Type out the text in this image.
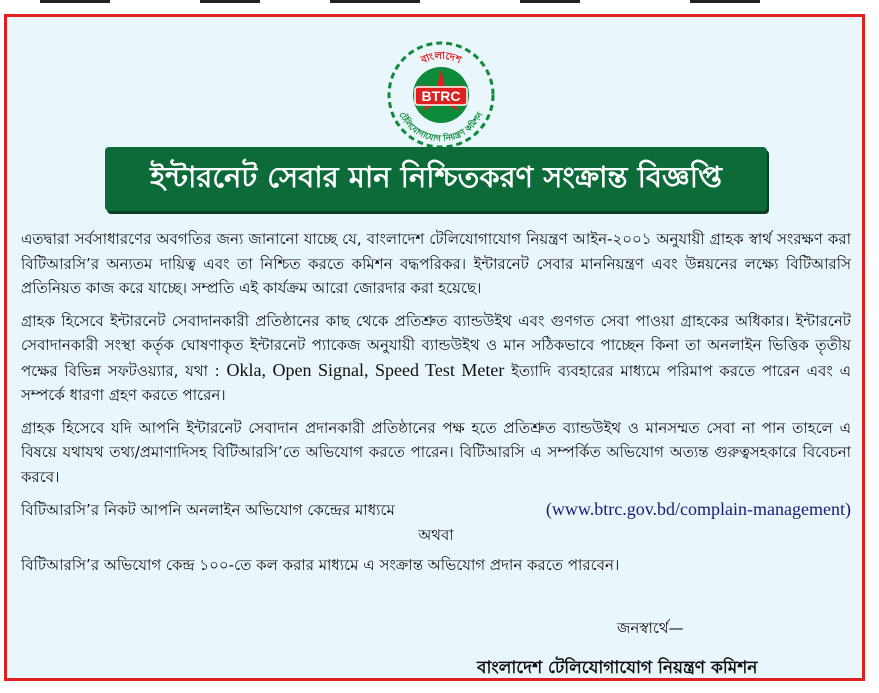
BTRC
বাংলাদেশ
টেলিযোগাযোগ নিয়ন্ত্রণ কমিশন
ইন্টারনেট সেবার মান নিশ্চিতকরণ সংক্রান্ত বিজ্ঞপ্তি

এতদ্বারা সর্বসাধারণের অবগতির জন্য জানানো যাচ্ছে যে, বাংলাদেশ টেলিযোগাযোগ নিয়ন্ত্রণ আইন-২০০১ অনুযায়ী গ্রাহক স্বার্থ সংরক্ষণ করা বিটিআরসি’র অন্যতম দায়িত্ব এবং তা নিশ্চিত করতে কমিশন বদ্ধপরিকর। ইন্টারনেট সেবার মাননিয়ন্ত্রণ এবং উন্নয়নের লক্ষ্যে বিটিআরসি প্রতিনিয়ত কাজ করে যাচ্ছে। সম্প্রতি এই কার্যক্রম আরো জোরদার করা হয়েছে।

গ্রাহক হিসেবে ইন্টারনেট সেবাদানকারী প্রতিষ্ঠানের কাছ থেকে প্রতিশ্রুত ব্যান্ডউইথ এবং গুণগত সেবা পাওয়া গ্রাহকের অধিকার। ইন্টারনেট সেবাদানকারী সংস্থা কর্তৃক ঘোষণাকৃত ইন্টারনেট প্যাকেজ অনুযায়ী ব্যান্ডউইথ ও মান সঠিকভাবে পাচ্ছেন কিনা তা অনলাইন ভিত্তিক তৃতীয় পক্ষের বিভিন্ন সফটওয়্যার, যথা : Okla, Open Signal, Speed Test Meter ইত্যাদি ব্যবহারের মাধ্যমে পরিমাপ করতে পারেন এবং এ সম্পর্কে ধারণা গ্রহণ করতে পারেন।

গ্রাহক হিসেবে যদি আপনি ইন্টারনেট সেবাদান প্রদানকারী প্রতিষ্ঠানের পক্ষ হতে প্রতিশ্রুত ব্যান্ডউইথ ও মানসম্মত সেবা না পান তাহলে এ বিষয়ে যথাযথ তথ্য/প্রমাণাদিসহ বিটিআরসি’তে অভিযোগ করতে পারেন। বিটিআরসি এ সম্পর্কিত অভিযোগ অত্যন্ত গুরুত্বসহকারে বিবেচনা করবে।

বিটিআরসি’র নিকট আপনি অনলাইন অভিযোগ কেন্দ্রের মাধ্যমে	(www.btrc.gov.bd/complain-management)

অথবা

বিটিআরসি’র অভিযোগ কেন্দ্র ১০০-তে কল করার মাধ্যমে এ সংক্রান্ত অভিযোগ প্রদান করতে পারবেন।

জনস্বার্থে—
বাংলাদেশ টেলিযোগাযোগ নিয়ন্ত্রণ কমিশন
